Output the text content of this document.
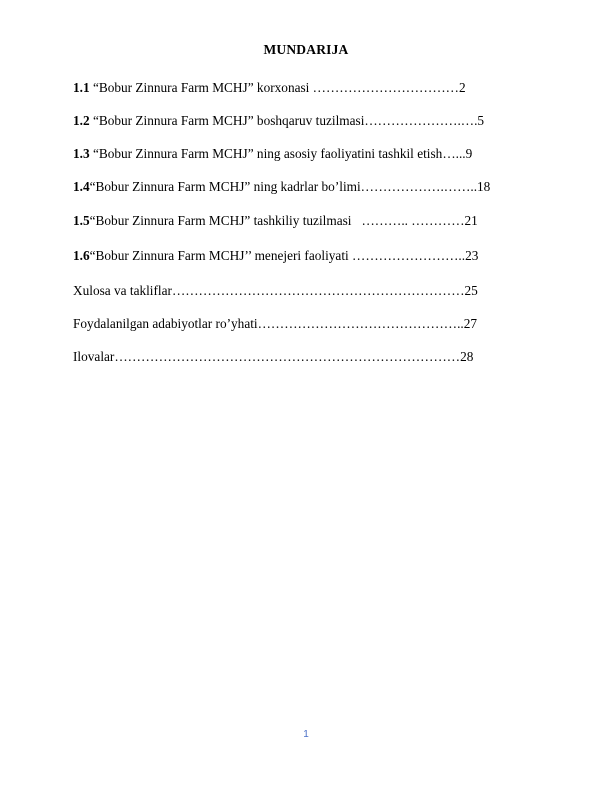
MUNDARIJA
1.1 “Bobur Zinnura Farm MCHJ” korxonasi ……………………………2
1.2 “Bobur Zinnura Farm MCHJ” boshqaruv tuzilmasi………………….….5
1.3 “Bobur Zinnura Farm MCHJ” ning asosiy faoliyatini tashkil etish…...9
1.4“Bobur Zinnura Farm MCHJ” ning kadrlar bo’limi……………….……..18
1.5“Bobur Zinnura Farm MCHJ” tashkiliy tuzilmasi   ……….. …………21
1.6“Bobur Zinnura Farm MCHJ’’ menejeri faoliyati ……………………..23
Xulosa va takliflar…………………………………………………………25
Foydalanilgan adabiyotlar ro’yhati………………………………………..27
Ilovalar……………………………………………………………………28
1
